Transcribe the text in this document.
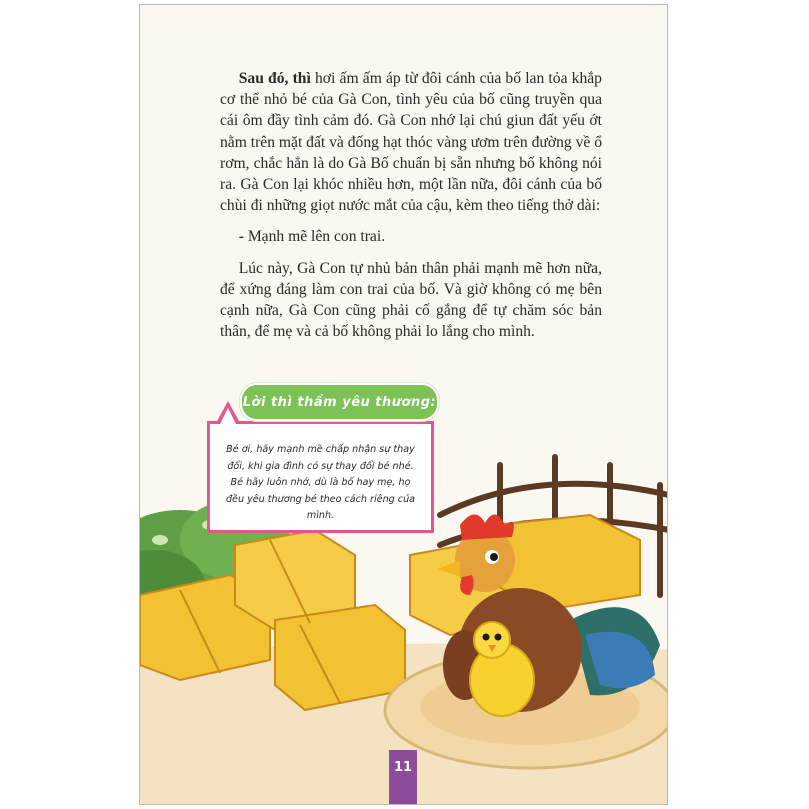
Sau đó, thì hơi ấm ấm áp từ đôi cánh của bố lan tỏa khắp cơ thể nhỏ bé của Gà Con, tình yêu của bố cũng truyền qua cái ôm đầy tình cảm đó. Gà Con nhớ lại chú giun đất yếu ớt nằm trên mặt đất và đống hạt thóc vàng ươm trên đường về ổ rơm, chắc hẳn là do Gà Bố chuẩn bị sẵn nhưng bố không nói ra. Gà Con lại khóc nhiều hơn, một lần nữa, đôi cánh của bố chùi đi những giọt nước mắt của cậu, kèm theo tiếng thở dài:

- Mạnh mẽ lên con trai.

Lúc này, Gà Con tự nhủ bản thân phải mạnh mẽ hơn nữa, để xứng đáng làm con trai của bố. Và giờ không có mẹ bên cạnh nữa, Gà Con cũng phải cố gắng để tự chăm sóc bản thân, để mẹ và cả bố không phải lo lắng cho mình.

Lời thì thầm yêu thương:
Bé ơi, hãy mạnh mẽ chấp nhận sự thay đổi, khi gia đình có sự thay đổi bé nhé. Bé hãy luôn nhớ, dù là bố hay mẹ, họ đều yêu thương bé theo cách riêng của mình.
11
